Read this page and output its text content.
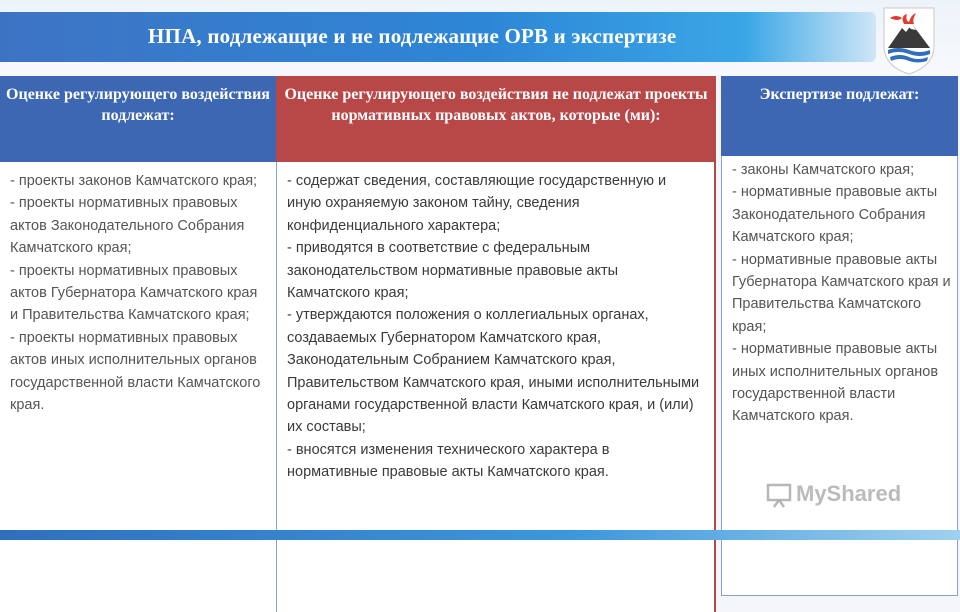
НПА, подлежащие и не подлежащие ОРВ и экспертизе
Оценке регулирующего воздействия подлежат:

- проекты законов Камчатского края;

- проекты нормативных правовых актов Законодательного Собрания Камчатского края;

- проекты нормативных правовых актов Губернатора Камчатского края и Правительства Камчатского края;

- проекты нормативных правовых актов иных исполнительных органов государственной власти Камчатского края.

Оценке регулирующего воздействия не подлежат проекты нормативных правовых актов, которые (ми):

- содержат сведения, составляющие государственную и иную охраняемую законом тайну, сведения конфиденциального характера;

- приводятся в соответствие с федеральным законодательством нормативные правовые акты Камчатского края;

- утверждаются положения о коллегиальных органах, создаваемых Губернатором Камчатского края, Законодательным Собранием Камчатского края, Правительством Камчатского края, иными исполнительными органами государственной власти Камчатского края, и (или) их составы;

- вносятся изменения технического характера в нормативные правовые акты Камчатского края.

Экспертизе подлежат:

- законы Камчатского края;

- нормативные правовые акты Законодательного Собрания Камчатского края;

- нормативные правовые акты Губернатора Камчатского края и Правительства Камчатского края;

- нормативные правовые акты иных исполнительных органов государственной власти Камчатского края.

MyShared
